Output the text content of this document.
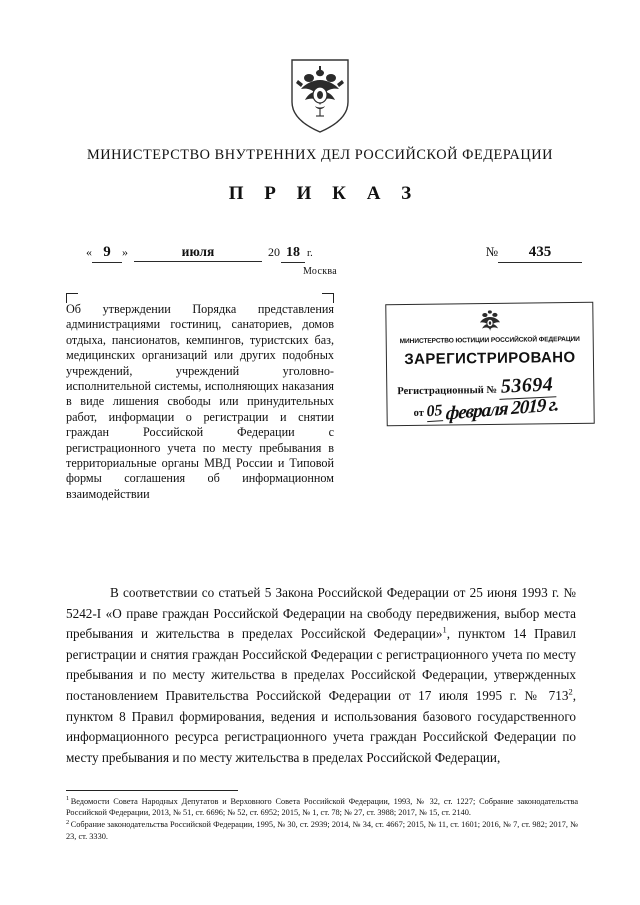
МИНИСТЕРСТВО ВНУТРЕННИХ ДЕЛ РОССИЙСКОЙ ФЕДЕРАЦИИ
П Р И К А З
« 9 »	июля	20 18 г.	№	435
Москва

Об утверждении Порядка представления администрациями гостиниц, санаториев, домов отдыха, пансионатов, кемпингов, туристских баз, медицинских организаций или других подобных учреждений, учреждений уголовно-исполнительной системы, исполняющих наказания в виде лишения свободы или принудительных работ, информации о регистрации и снятии граждан Российской Федерации с регистрационного учета по месту пребывания в территориальные органы МВД России и Типовой формы соглашения об информационном взаимодействии

МИНИСТЕРСТВО ЮСТИЦИИ РОССИЙСКОЙ ФЕДЕРАЦИИ
ЗАРЕГИСТРИРОВАНО
Регистрационный № 53694
от 05 февраля 2019 г.

В соответствии со статьей 5 Закона Российской Федерации от 25 июня 1993 г. № 5242-I «О праве граждан Российской Федерации на свободу передвижения, выбор места пребывания и жительства в пределах Российской Федерации»$^1$, пунктом 14 Правил регистрации и снятия граждан Российской Федерации с регистрационного учета по месту пребывания и по месту жительства в пределах Российской Федерации, утвержденных постановлением Правительства Российской Федерации от 17 июля 1995 г. № $713^2$, пунктом 8 Правил формирования, ведения и использования базового государственного информационного ресурса регистрационного учета граждан Российской Федерации по месту пребывания и по месту жительства в пределах Российской Федерации,

$^1$ Ведомости Совета Народных Депутатов и Верховного Совета Российской Федерации, 1993, № 32, ст. 1227; Собрание законодательства Российской Федерации, 2013, № 51, ст. 6696; № 52, ст. 6952; 2015, № 1, ст. 78; № 27, ст. 3988; 2017, № 15, ст. 2140.

$^2$ Собрание законодательства Российской Федерации, 1995, № 30, ст. 2939; 2014, № 34, ст. 4667; 2015, № 11, ст. 1601; 2016, № 7, ст. 982; 2017, № 23, ст. 3330.
